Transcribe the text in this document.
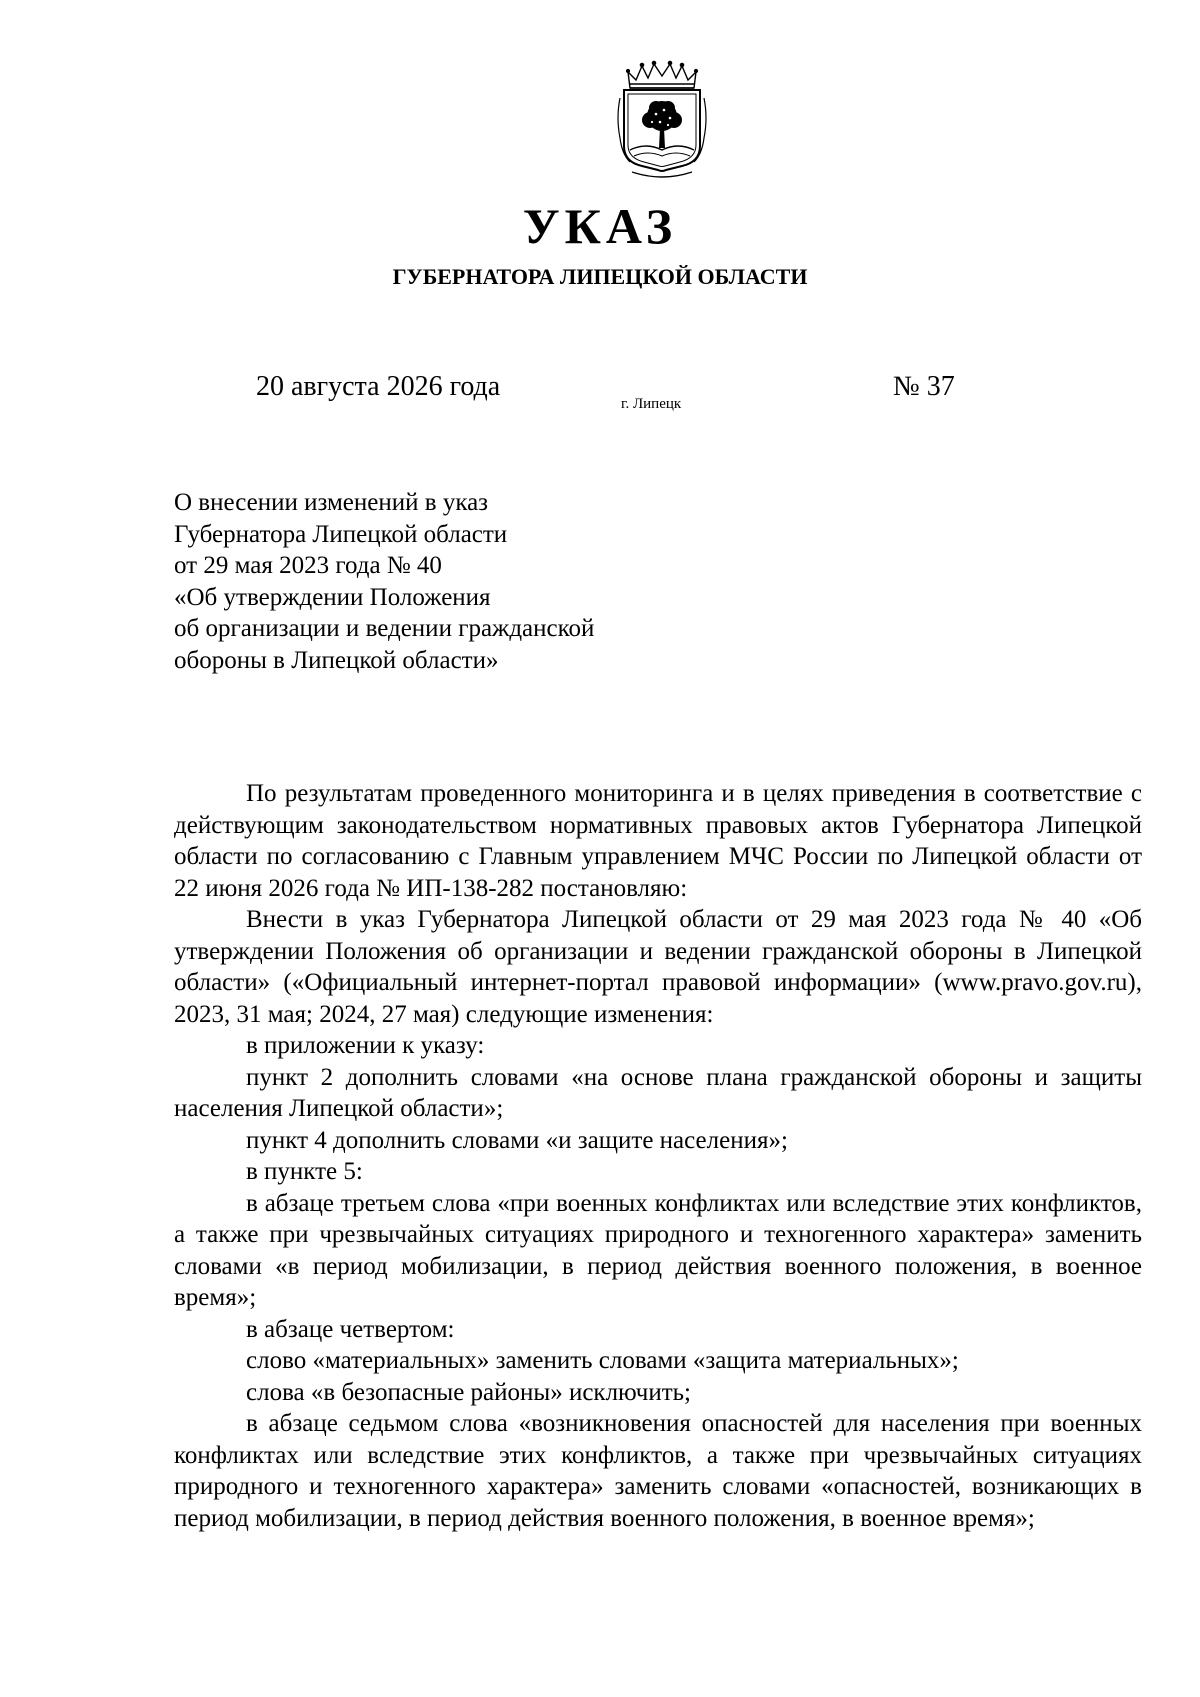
УКАЗ
ГУБЕРНАТОРА ЛИПЕЦКОЙ ОБЛАСТИ
20 августа 2026 года
г. Липецк
№ 37
О внесении изменений в указ
Губернатора Липецкой области
от 29 мая 2023 года № 40
«Об утверждении Положения
об организации и ведении гражданской
обороны в Липецкой области»

По результатам проведенного мониторинга и в целях приведения в соответствие с действующим законодательством нормативных правовых актов Губернатора Липецкой области по согласованию с Главным управлением МЧС России по Липецкой области от 22 июня 2026 года № ИП-138-282 постановляю:

Внести в указ Губернатора Липецкой области от 29 мая 2023 года № 40 «Об утверждении Положения об организации и ведении гражданской обороны в Липецкой области» («Официальный интернет-портал правовой информации» (www.pravo.gov.ru), 2023, 31 мая; 2024, 27 мая) следующие изменения:

в приложении к указу:

пункт 2 дополнить словами «на основе плана гражданской обороны и защиты населения Липецкой области»;

пункт 4 дополнить словами «и защите населения»;

в пункте 5:

в абзаце третьем слова «при военных конфликтах или вследствие этих конфликтов, а также при чрезвычайных ситуациях природного и техногенного характера» заменить словами «в период мобилизации, в период действия военного положения, в военное время»;

в абзаце четвертом:

слово «материальных» заменить словами «защита материальных»;

слова «в безопасные районы» исключить;

в абзаце седьмом слова «возникновения опасностей для населения при военных конфликтах или вследствие этих конфликтов, а также при чрезвычайных ситуациях природного и техногенного характера» заменить словами «опасностей, возникающих в период мобилизации, в период действия военного положения, в военное время»;
